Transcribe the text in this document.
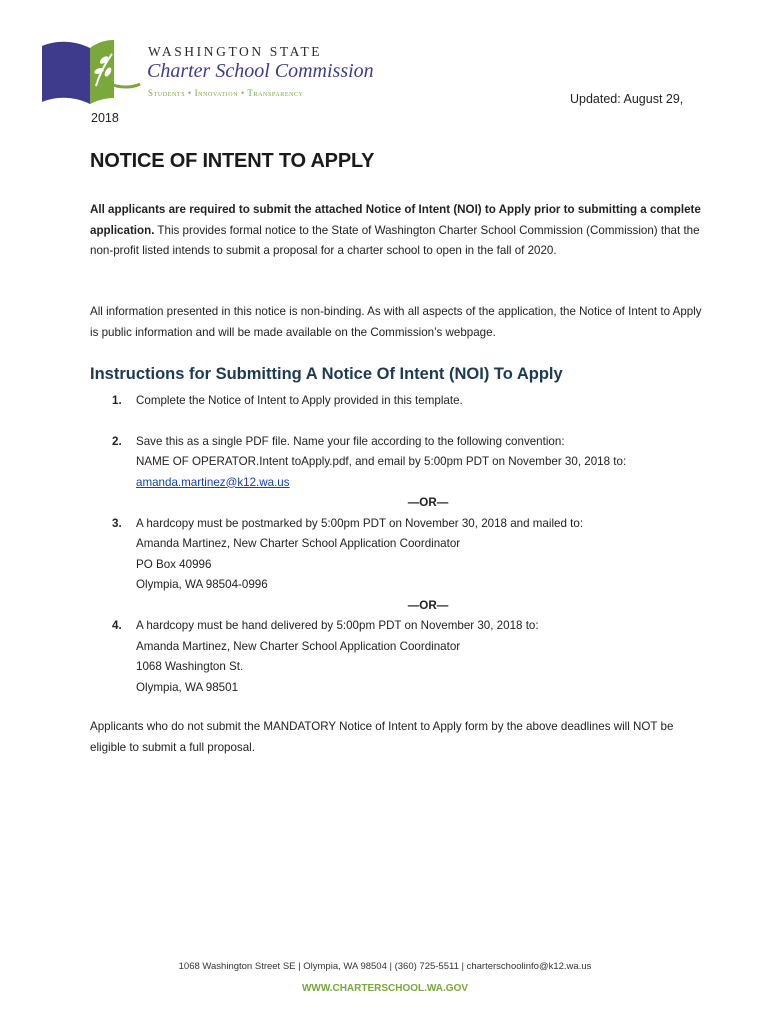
WASHINGTON STATE
Charter School Commission
Students • Innovation • Transparency	Updated: August 29,
2018
NOTICE OF INTENT TO APPLY

All applicants are required to submit the attached Notice of Intent (NOI) to Apply prior to submitting a complete application. This provides formal notice to the State of Washington Charter School Commission (Commission) that the non-profit listed intends to submit a proposal for a charter school to open in the fall of 2020.

All information presented in this notice is non-binding. As with all aspects of the application, the Notice of Intent to Apply is public information and will be made available on the Commission’s webpage.

Instructions for Submitting A Notice Of Intent (NOI) To Apply
1. Complete the Notice of Intent to Apply provided in this template.
2. Save this as a single PDF file. Name your file according to the following convention:
NAME OF OPERATOR.Intent toApply.pdf, and email by 5:00pm PDT on November 30, 2018 to:
amanda.martinez@k12.wa.us
—OR—
3. A hardcopy must be postmarked by 5:00pm PDT on November 30, 2018 and mailed to:
Amanda Martinez, New Charter School Application Coordinator
PO Box 40996
Olympia, WA 98504-0996
—OR—
4. A hardcopy must be hand delivered by 5:00pm PDT on November 30, 2018 to:
Amanda Martinez, New Charter School Application Coordinator
1068 Washington St.
Olympia, WA 98501

Applicants who do not submit the MANDATORY Notice of Intent to Apply form by the above deadlines will NOT be eligible to submit a full proposal.

1068 Washington Street SE | Olympia, WA 98504 | (360) 725-5511 | charterschoolinfo@k12.wa.us
WWW.CHARTERSCHOOL.WA.GOV
